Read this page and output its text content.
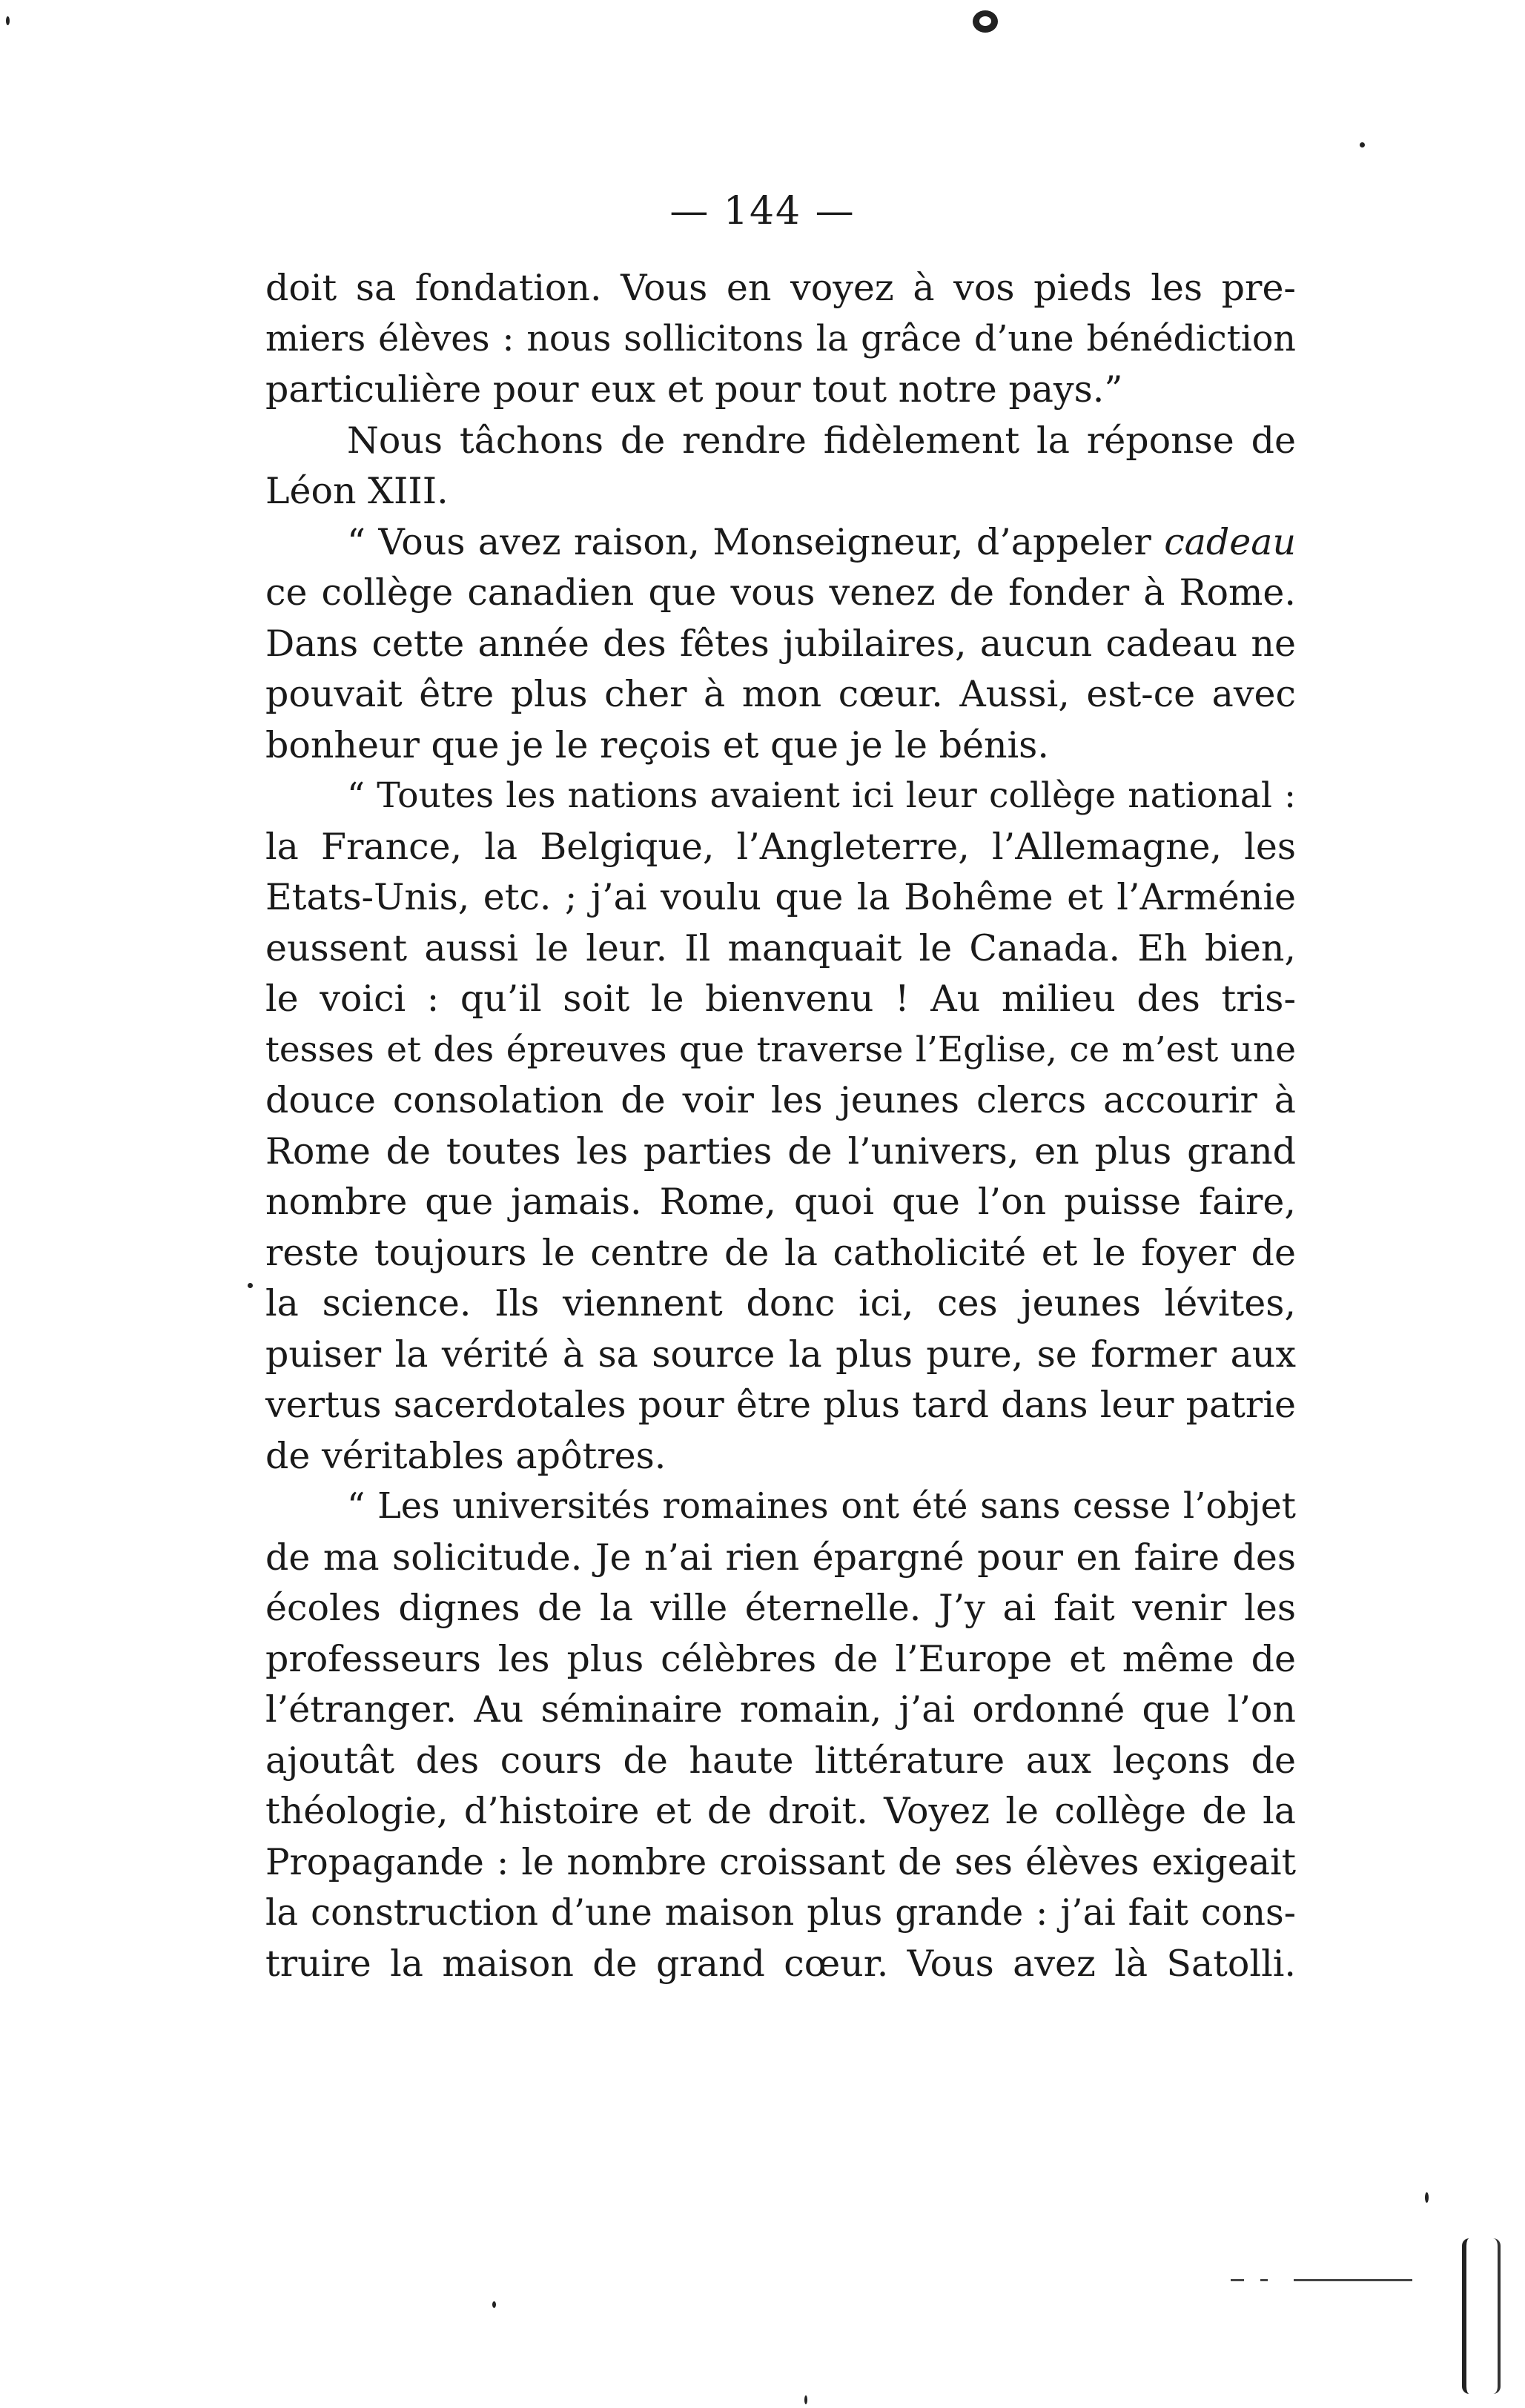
— 144 —
doit sa fondation. Vous en voyez à vos pieds les pre-
miers élèves : nous sollicitons la grâce d’une bénédiction
particulière pour eux et pour tout notre pays.”
Nous tâchons de rendre fidèlement la réponse de
Léon XIII.
“ Vous avez raison, Monseigneur, d’appeler cadeau
ce collège canadien que vous venez de fonder à Rome.
Dans cette année des fêtes jubilaires, aucun cadeau ne
pouvait être plus cher à mon cœur. Aussi, est-ce avec
bonheur que je le reçois et que je le bénis.
“ Toutes les nations avaient ici leur collège national :
la France, la Belgique, l’Angleterre, l’Allemagne, les
Etats-Unis, etc. ; j’ai voulu que la Bohême et l’Arménie
eussent aussi le leur. Il manquait le Canada. Eh bien,
le voici : qu’il soit le bienvenu ! Au milieu des tris-
tesses et des épreuves que traverse l’Eglise, ce m’est une
douce consolation de voir les jeunes clercs accourir à
Rome de toutes les parties de l’univers, en plus grand
nombre que jamais. Rome, quoi que l’on puisse faire,
reste toujours le centre de la catholicité et le foyer de
la science. Ils viennent donc ici, ces jeunes lévites,
puiser la vérité à sa source la plus pure, se former aux
vertus sacerdotales pour être plus tard dans leur patrie
de véritables apôtres.
“ Les universités romaines ont été sans cesse l’objet
de ma solicitude. Je n’ai rien épargné pour en faire des
écoles dignes de la ville éternelle. J’y ai fait venir les
professeurs les plus célèbres de l’Europe et même de
l’étranger. Au séminaire romain, j’ai ordonné que l’on
ajoutât des cours de haute littérature aux leçons de
théologie, d’histoire et de droit. Voyez le collège de la
Propagande : le nombre croissant de ses élèves exigeait
la construction d’une maison plus grande : j’ai fait cons-
truire la maison de grand cœur. Vous avez là Satolli.
